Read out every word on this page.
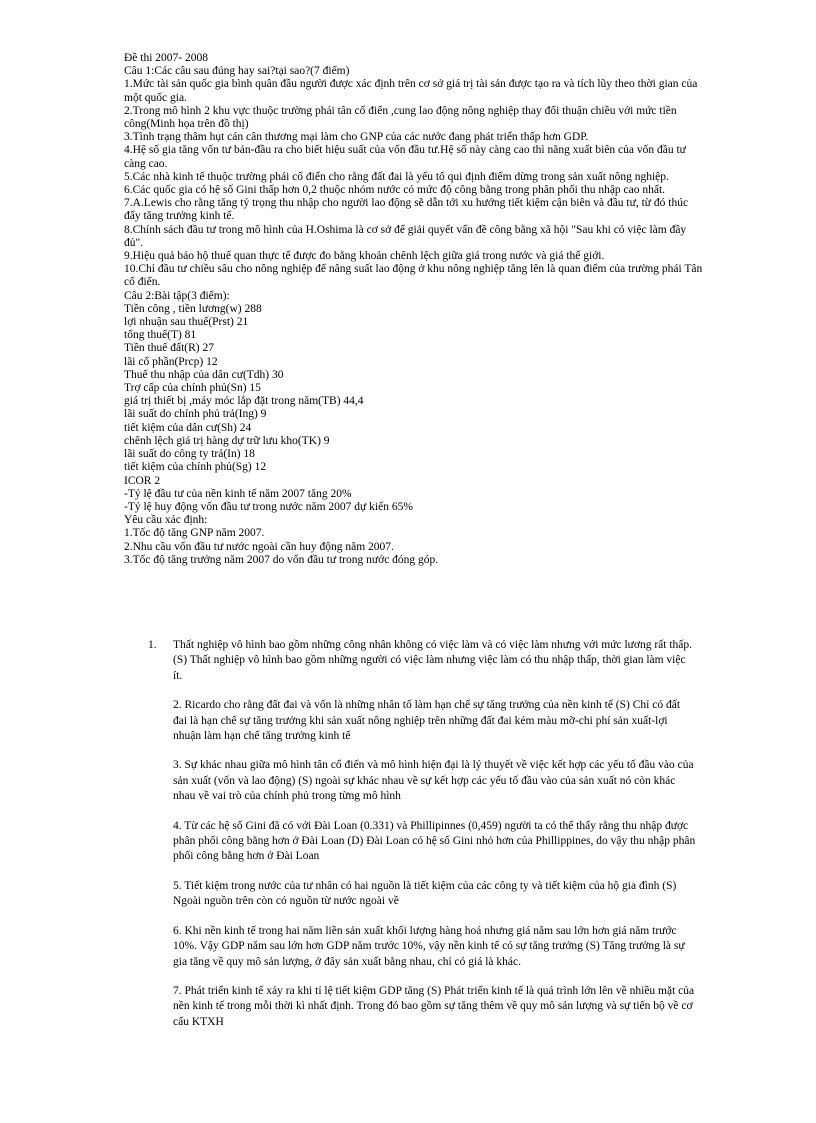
Đề thi 2007- 2008
Câu 1:Các câu sau đúng hay sai?tại sao?(7 điểm)
1.Mức tài sản quốc gia bình quân đầu người được xác định trên cơ sở giá trị tài sản được tạo ra và tích lũy theo thời gian của một quốc gia.
2.Trong mô hình 2 khu vực thuộc trường phái tân cổ điển ,cung lao động nông nghiệp thay đổi thuận chiều với mức tiền công(Minh họa trên đồ thị)
3.Tình trạng thâm hụt cán cân thương mại làm cho GNP của các nước đang phát triển thấp hơn GDP.
4.Hệ số gia tăng vốn tư bản-đầu ra cho biết hiệu suất của vốn đầu tư.Hệ số này càng cao thì năng xuất biên của vốn đầu tư càng cao.
5.Các nhà kinh tế thuộc trường phái cổ điển cho rằng đất đai là yếu tố qui định điểm dừng trong sản xuất nông nghiệp.
6.Các quốc gia có hệ số Gini thấp hơn 0,2 thuộc nhóm nước có mức độ công bằng trong phân phối thu nhập cao nhất.
7.A.Lewis cho rằng tăng tỷ trọng thu nhập cho người lao động sẽ dẫn tới xu hướng tiết kiệm cận biên và đầu tư, từ đó thúc đẩy tăng trưởng kinh tế.
8.Chính sách đầu tư trong mô hình của H.Oshima là cơ sở để giải quyết vấn đề công bằng xã hội "Sau khi có việc làm đầy đủ".
9.Hiệu quả bảo hộ thuế quan thực tế được đo bằng khoản chênh lệch giữa giá trong nước và giá thế giới.
10.Chỉ đầu tư chiều sâu cho nông nghiệp để nâng suất lao động ở khu nông nghiệp tăng lên là quan điểm của trường phái Tân cổ điển.
Câu 2:Bài tập(3 điểm):
Tiền công , tiền lương(w) 288
lợi nhuận sau thuế(Prst) 21
tổng thuế(T) 81
Tiền thuế đất(R) 27
lãi cổ phần(Prcp) 12
Thuế thu nhập của dân cư(Tdh) 30
Trợ cấp của chính phủ(Sn) 15
giá trị thiết bị ,máy móc lắp đặt trong năm(TB) 44,4
lãi suất do chính phủ trả(Ing) 9
tiết kiệm của dân cư(Sh) 24
chênh lệch giá trị hàng dự trữ lưu kho(TK) 9
lãi suất do công ty trả(In) 18
tiết kiệm của chính phủ(Sg) 12
ICOR 2
-Tỷ lệ đầu tư của nền kinh tế năm 2007 tăng 20%
-Tỷ lệ huy động vốn đầu tư trong nước năm 2007 dự kiến 65%
Yêu cầu xác định:
1.Tốc độ tăng GNP năm 2007.
2.Nhu cầu vốn đầu tư nước ngoài cần huy động năm 2007.
3.Tốc độ tăng trưởng năm 2007 do vốn đầu tư trong nước đóng góp.
1. Thất nghiệp vô hình bao gồm những công nhân không có việc làm và có việc làm nhưng với mức lương rất thấp.(S) Thất nghiệp vô hình bao gồm những người có việc làm nhưng việc làm có thu nhập thấp, thời gian làm việc ít.
2. Ricardo cho rằng đất đai và vốn là những nhân tố làm hạn chế sự tăng trưởng của nền kinh tế (S) Chỉ có đất đai là hạn chế sự tăng trưởng khi sản xuất nông nghiệp trên những đất đai kém màu mỡ-chi phí sản xuất-lợi nhuận làm hạn chế tăng trưởng kinh tế
3. Sự khác nhau giữa mô hình tân cổ điển và mô hình hiện đại là lý thuyết về việc kết hợp các yếu tố đầu vào của sản xuất (vốn và lao động) (S) ngoài sự khác nhau về sự kết hợp các yếu tố đầu vào của sản xuất nó còn khác nhau về vai trò của chính phủ trong từng mô hình
4. Từ các hệ số Gini đã có với Đài Loan (0.331) và Phillipinnes (0,459) người ta có thể thấy rằng thu nhập được phân phối công bằng hơn ở Đài Loan (D) Đài Loan có hệ số Gini nhỏ hơn của Phillippines, do vậy thu nhập phân phối công bằng hơn ở Đài Loan
5. Tiết kiệm trong nước của tư nhân có hai nguồn là tiết kiệm của các công ty và tiết kiệm của hộ gia đình (S) Ngoài nguồn trên còn có nguồn từ nước ngoài về
6. Khi nền kinh tế trong hai năm liền sản xuất khối lượng hàng hoá nhưng giá năm sau lớn hơn giá năm trước 10%. Vậy GDP năm sau lớn hơn GDP năm trước 10%, vậy nền kinh tế có sự tăng trưởng (S) Tăng trưởng là sự gia tăng về quy mô sản lượng, ở đây sản xuất bằng nhau, chỉ có giá là khác.
7. Phát triển kinh tế xảy ra khi tỉ lệ tiết kiệm GDP tăng (S) Phát triển kinh tế là quá trình lớn lên về nhiều mặt của nền kinh tế trong mỗi thời kì nhất định. Trong đó bao gồm sự tăng thêm về quy mô sản lượng và sự tiến bộ về cơ cấu KTXH
